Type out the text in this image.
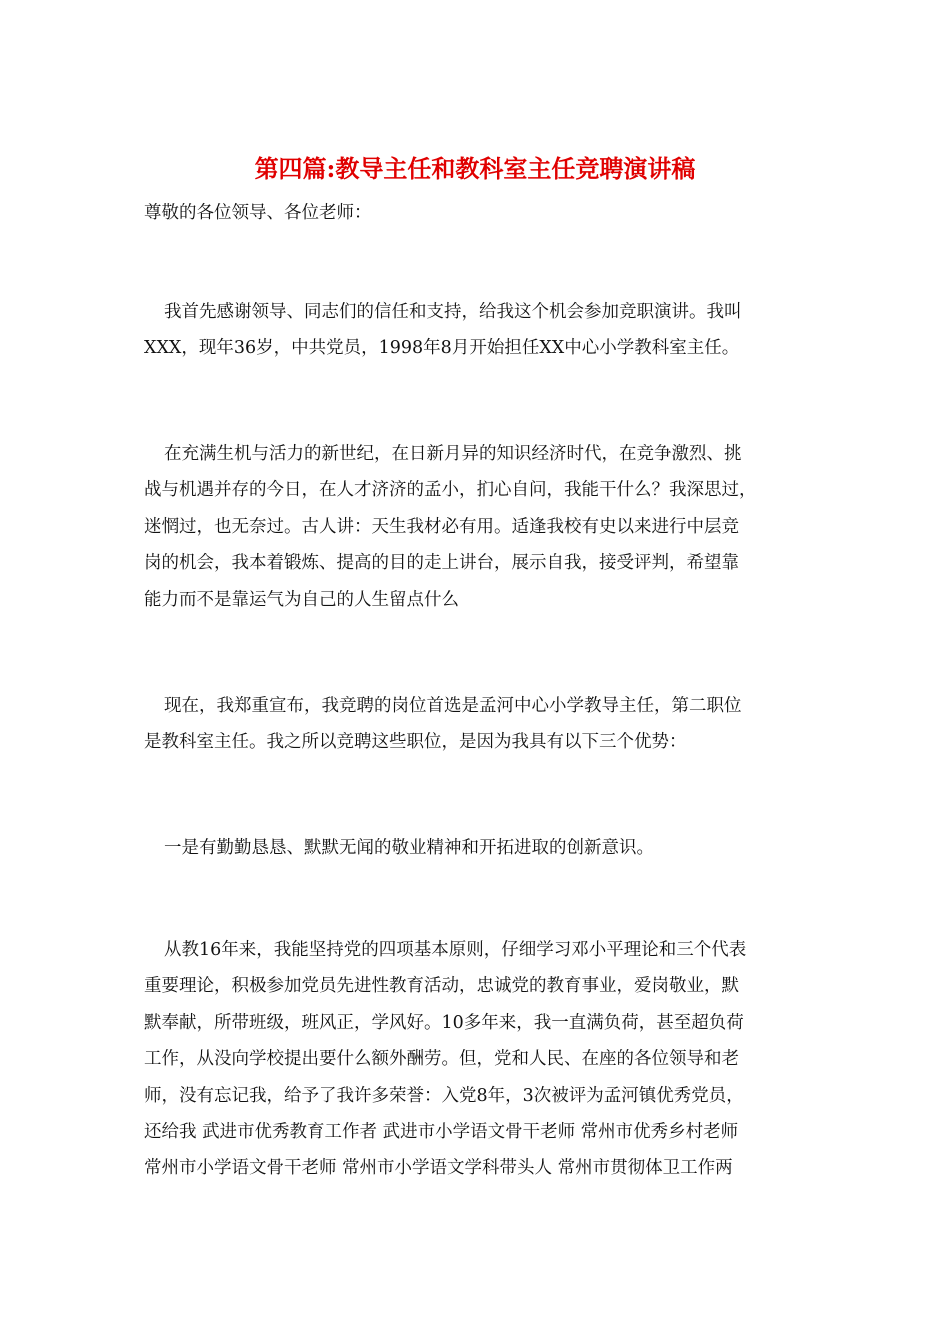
第四篇:教导主任和教科室主任竞聘演讲稿

尊敬的各位领导、各位老师：

我首先感谢领导、同志们的信任和支持，给我这个机会参加竞职演讲。我叫
XXX，现年36岁，中共党员，1998年8月开始担任XX中心小学教科室主任。

在充满生机与活力的新世纪，在日新月异的知识经济时代，在竞争激烈、挑
战与机遇并存的今日，在人才济济的孟小，扪心自问，我能干什么？我深思过，
迷惘过，也无奈过。古人讲：天生我材必有用。适逢我校有史以来进行中层竞
岗的机会，我本着锻炼、提高的目的走上讲台，展示自我，接受评判，希望靠
能力而不是靠运气为自己的人生留点什么

现在，我郑重宣布，我竞聘的岗位首选是孟河中心小学教导主任，第二职位
是教科室主任。我之所以竞聘这些职位，是因为我具有以下三个优势：

一是有勤勤恳恳、默默无闻的敬业精神和开拓进取的创新意识。

从教16年来，我能坚持党的四项基本原则，仔细学习邓小平理论和三个代表
重要理论，积极参加党员先进性教育活动，忠诚党的教育事业，爱岗敬业，默
默奉献，所带班级，班风正，学风好。10多年来，我一直满负荷，甚至超负荷
工作，从没向学校提出要什么额外酬劳。但，党和人民、在座的各位领导和老
师，没有忘记我，给予了我许多荣誉：入党8年，3次被评为孟河镇优秀党员，
还给我 武进市优秀教育工作者 武进市小学语文骨干老师 常州市优秀乡村老师
常州市小学语文骨干老师 常州市小学语文学科带头人 常州市贯彻体卫工作两
